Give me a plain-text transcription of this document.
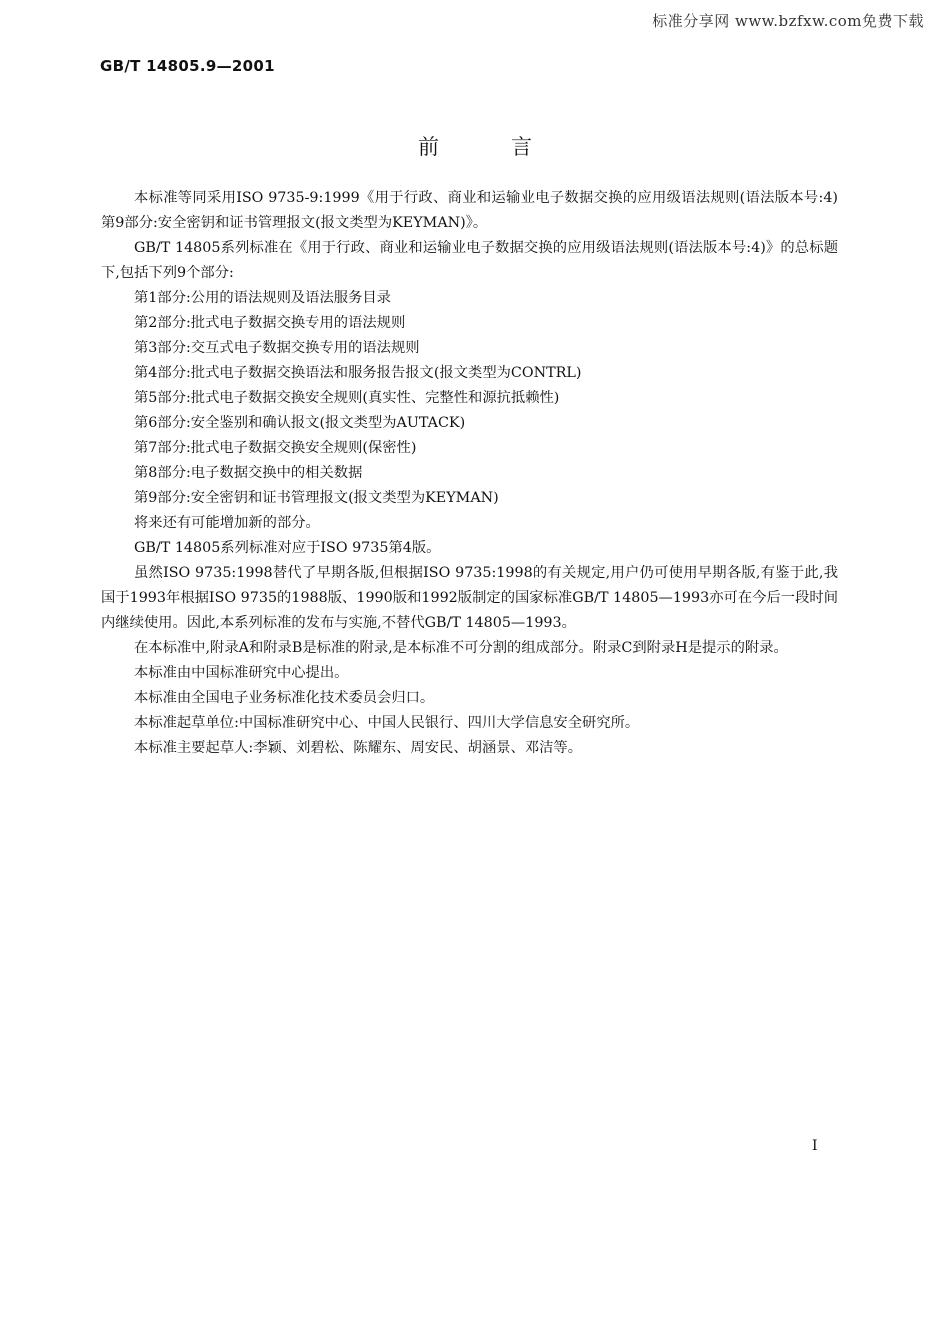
标准分享网 www.bzfxw.com免费下载
GB/T 14805.9—2001
前言

本标准等同采用ISO 9735-9:1999《用于行政、商业和运输业电子数据交换的应用级语法规则(语法版本号:4) 第9部分:安全密钥和证书管理报文(报文类型为KEYMAN)》。

GB/T 14805系列标准在《用于行政、商业和运输业电子数据交换的应用级语法规则(语法版本号:4)》的总标题下,包括下列9个部分:

第1部分:公用的语法规则及语法服务目录
第2部分:批式电子数据交换专用的语法规则
第3部分:交互式电子数据交换专用的语法规则
第4部分:批式电子数据交换语法和服务报告报文(报文类型为CONTRL)
第5部分:批式电子数据交换安全规则(真实性、完整性和源抗抵赖性)
第6部分:安全鉴别和确认报文(报文类型为AUTACK)
第7部分:批式电子数据交换安全规则(保密性)
第8部分:电子数据交换中的相关数据
第9部分:安全密钥和证书管理报文(报文类型为KEYMAN)

将来还有可能增加新的部分。

GB/T 14805系列标准对应于ISO 9735第4版。

虽然ISO 9735:1998替代了早期各版,但根据ISO 9735:1998的有关规定,用户仍可使用早期各版,有鉴于此,我国于1993年根据ISO 9735的1988版、1990版和1992版制定的国家标准GB/T 14805—1993亦可在今后一段时间内继续使用。因此,本系列标准的发布与实施,不替代GB/T 14805—1993。

在本标准中,附录A和附录B是标准的附录,是本标准不可分割的组成部分。附录C到附录H是提示的附录。

本标准由中国标准研究中心提出。

本标准由全国电子业务标准化技术委员会归口。

本标准起草单位:中国标准研究中心、中国人民银行、四川大学信息安全研究所。

本标准主要起草人:李颖、刘碧松、陈耀东、周安民、胡涵景、邓洁等。

I
